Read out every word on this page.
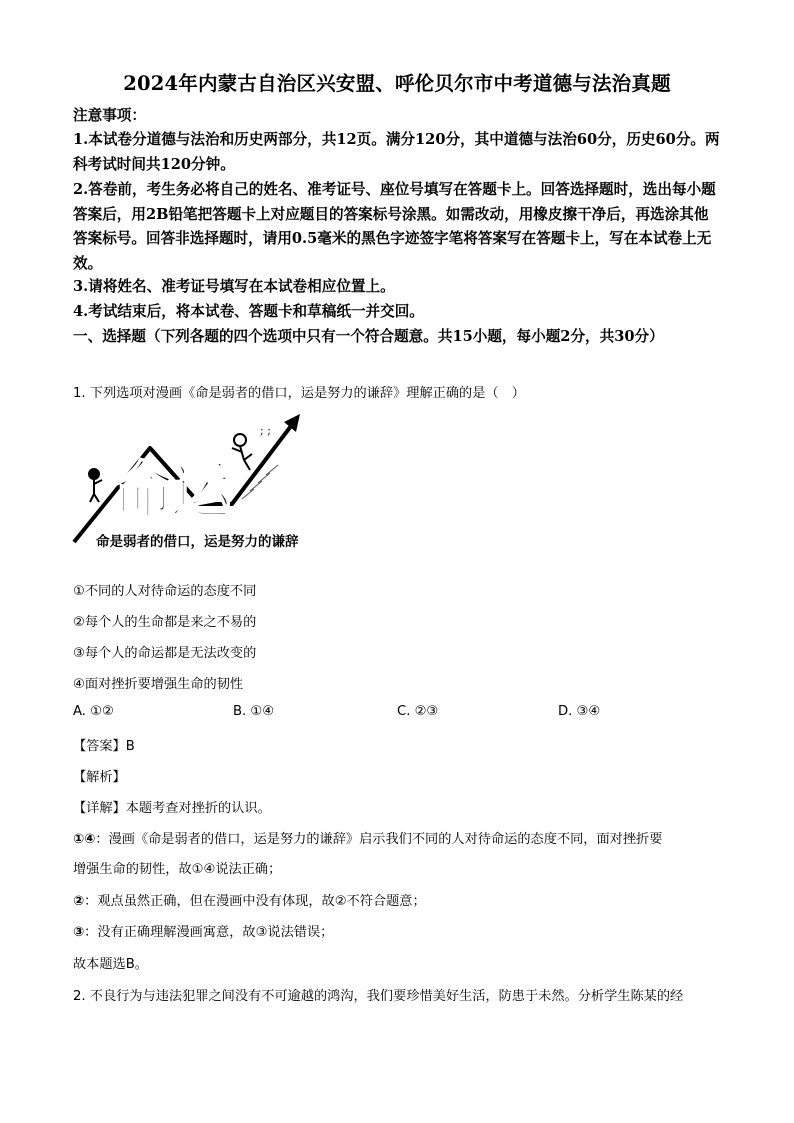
2024年内蒙古自治区兴安盟、呼伦贝尔市中考道德与法治真题
注意事项：
1.本试卷分道德与法治和历史两部分，共12页。满分120分，其中道德与法治60分，历史60分。两科考试时间共120分钟。
2.答卷前，考生务必将自己的姓名、准考证号、座位号填写在答题卡上。回答选择题时，选出每小题答案后，用2B铅笔把答题卡上对应题目的答案标号涂黑。如需改动，用橡皮擦干净后，再选涂其他答案标号。回答非选择题时，请用0.5毫米的黑色字迹签字笔将答案写在答题卡上，写在本试卷上无效。
3.请将姓名、准考证号填写在本试卷相应位置上。
4.考试结束后，将本试卷、答题卡和草稿纸一并交回。
一、选择题（下列各题的四个选项中只有一个符合题意。共15小题，每小题2分，共30分）
1. 下列选项对漫画《命是弱者的借口，运是努力的谦辞》理解正确的是（　）
命
运
; ;
命是弱者的借口，运是努力的谦辞
①不同的人对待命运的态度不同
②每个人的生命都是来之不易的
③每个人的命运都是无法改变的
④面对挫折要增强生命的韧性
A. ①②	B. ①④	C. ②③	D. ③④
【答案】B
【解析】
【详解】本题考查对挫折的认识。
①④：漫画《命是弱者的借口，运是努力的谦辞》启示我们不同的人对待命运的态度不同，面对挫折要
增强生命的韧性，故①④说法正确；
②：观点虽然正确，但在漫画中没有体现，故②不符合题意；
③：没有正确理解漫画寓意，故③说法错误；
故本题选B。
2. 不良行为与违法犯罪之间没有不可逾越的鸿沟，我们要珍惜美好生活，防患于未然。分析学生陈某的经
